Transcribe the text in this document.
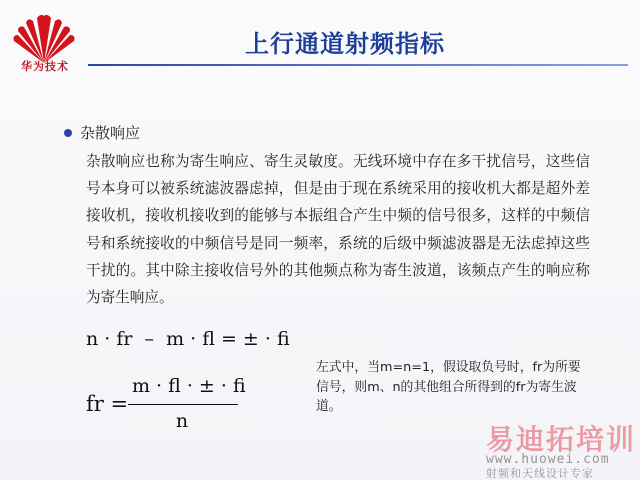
华为技术
上行通道射频指标
杂散响应

杂散响应也称为寄生响应、寄生灵敏度。无线环境中存在多干扰信号，这些信号本身可以被系统滤波器虑掉，但是由于现在系统采用的接收机大都是超外差接收机，接收机接收到的能够与本振组合产生中频的信号很多，这样的中频信号和系统接收的中频信号是同一频率，系统的后级中频滤波器是无法虑掉这些干扰的。其中除主接收信号外的其他频点称为寄生波道，该频点产生的响应称为寄生响应。

n · fr  –  m · fl = ± · fi
fr =
m · fl · ± · fi
n

左式中，当m=n=1，假设取负号时，fr为所要信号，则m、n的其他组合所得到的fr为寄生波道。

易迪拓培训
www.huowei.com
射频和天线设计专家
